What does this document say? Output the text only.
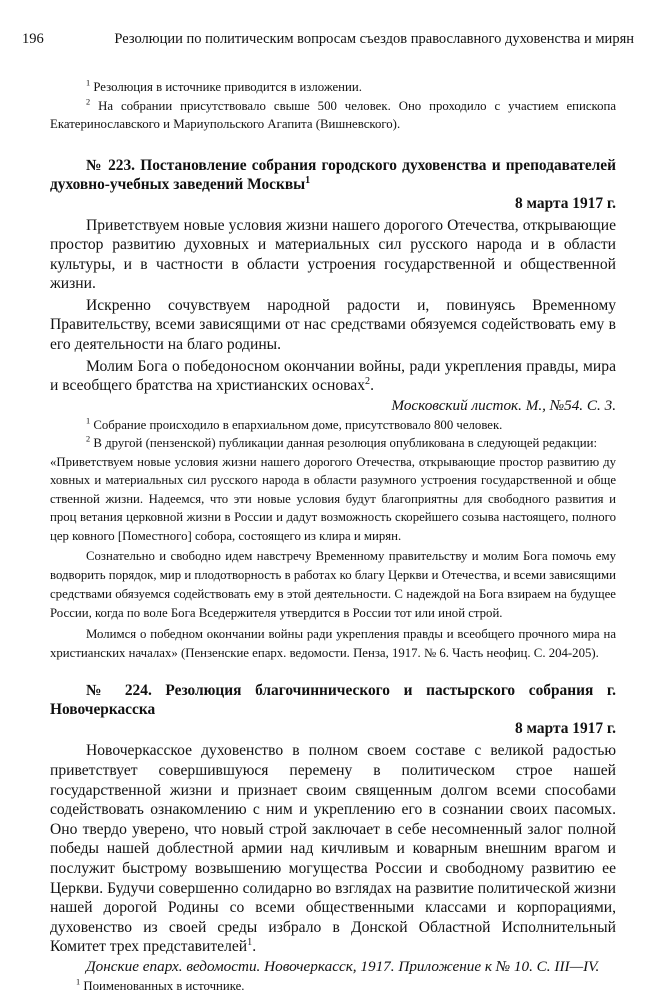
196	Резолюции по политическим вопросам съездов православного духовенства и мирян

$^1$ Резолюция в источнике приводится в изложении.

$^2$ На собрании присутствовало свыше 500 человек. Оно проходило с участием епископа Екатеринославского и Мариупольского Агапита (Вишневского).

№ 223. Постановление собрания городского духовенства и преподавателей духовно-учебных заведений Москвы$^1$

8 марта 1917 г.

Приветствуем новые условия жизни нашего дорогого Отечества, открывающие простор развитию духовных и материальных сил русского народа и в области культуры, и в частности в области устроения государственной и общественной жизни.

Искренно сочувствуем народной радости и, повинуясь Временному Правительству, всеми зависящими от нас средствами обязуемся содействовать ему в его деятельности на благо родины.

Молим Бога о победоносном окончании войны, ради укрепления правды, мира и всеобщего братства на христианских основах$^2$.

Московский листок. М., №54. С. 3.

$^1$ Собрание происходило в епархиальном доме, присутствовало 800 человек.

$^2$ В другой (пензенской) публикации данная резолюция опубликована в следующей редакции:

«Приветствуем новые условия жизни нашего дорогого Отечества, открывающие простор развитию ду ховных и материальных сил русского народа в области разумного устроения государственной и обще ственной жизни. Надеемся, что эти новые условия будут благоприятны для свободного развития и проц ветания церковной жизни в России и дадут возможность скорейшего созыва настоящего, полного цер ковного [Поместного] собора, состоящего из клира и мирян.

Сознательно и свободно идем навстречу Временному правительству и молим Бога помочь ему водворить порядок, мир и плодотворность в работах ко благу Церкви и Отечества, и всеми зависящими средствами обязуемся содействовать ему в этой деятельности. С надеждой на Бога взираем на будущее России, когда по воле Бога Вседержителя утвердится в России тот или иной строй.

Молимся о победном окончании войны ради укрепления правды и всеобщего прочного мира на христианских началах» (Пензенские епарх. ведомости. Пенза, 1917. № 6. Часть неофиц. С. 204-205).

№ 224. Резолюция благочиннического и пастырского собрания г. Новочеркасска

8 марта 1917 г.

Новочеркасское духовенство в полном своем составе с великой радостью приветствует совершившуюся перемену в политическом строе нашей государственной жизни и признает своим священным долгом всеми способами содействовать ознакомлению с ним и укреплению его в сознании своих пасомых. Оно твердо уверено, что новый строй заключает в себе несомненный залог полной победы нашей доблестной армии над кичливым и коварным внешним врагом и послужит быстрому возвышению могущества России и свободному развитию ее Церкви. Будучи совершенно солидарно во взглядах на развитие политической жизни нашей дорогой Родины со всеми общественными классами и корпорациями, духовенство из своей среды избрало в Донской Областной Исполнительный Комитет трех представителей$^1$.

Донские епарх. ведомости. Новочеркасск, 1917. Приложение к № 10. С. III—IV.

$^1$ Поименованных в источнике.
